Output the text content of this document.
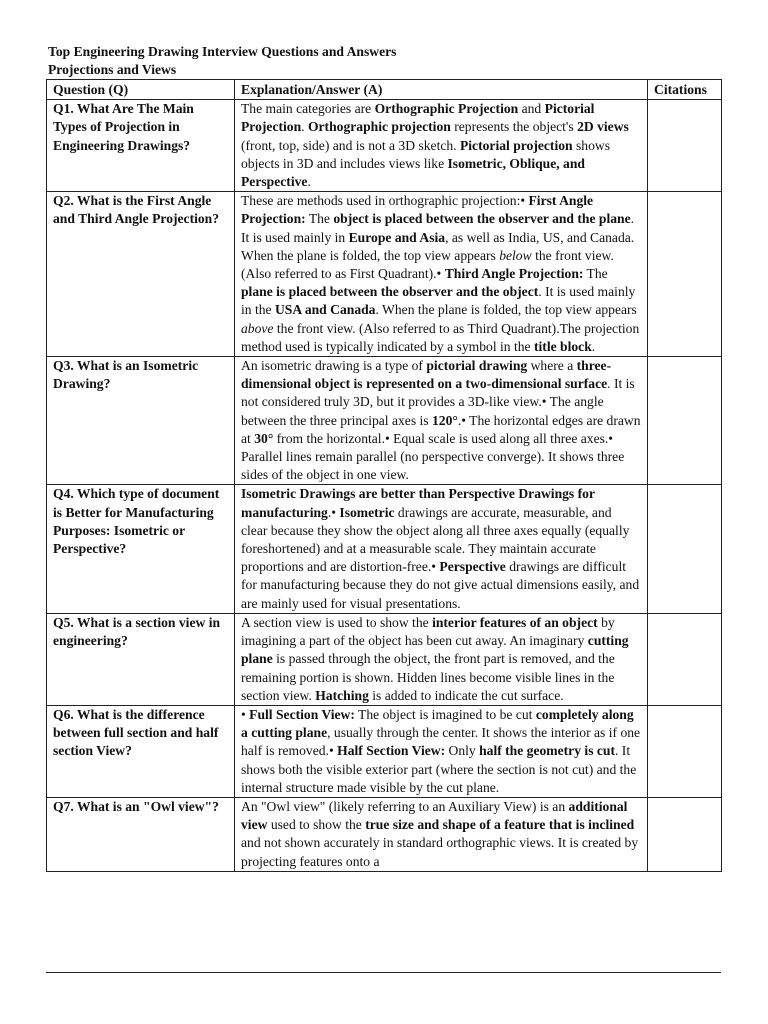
Top Engineering Drawing Interview Questions and Answers
Projections and Views
Question (Q)	Explanation/Answer (A)	Citations
Q1. What Are The Main Types of Projection in Engineering Drawings?	The main categories are Orthographic Projection and Pictorial Projection. Orthographic projection represents the object's 2D views (front, top, side) and is not a 3D sketch. Pictorial projection shows objects in 3D and includes views like Isometric, Oblique, and Perspective.	
Q2. What is the First Angle and Third Angle Projection?	These are methods used in orthographic projection:• First Angle Projection: The object is placed between the observer and the plane. It is used mainly in Europe and Asia, as well as India, US, and Canada. When the plane is folded, the top view appears below the front view. (Also referred to as First Quadrant).• Third Angle Projection: The plane is placed between the observer and the object. It is used mainly in the USA and Canada. When the plane is folded, the top view appears above the front view. (Also referred to as Third Quadrant).The projection method used is typically indicated by a symbol in the title block.	
Q3. What is an Isometric Drawing?	An isometric drawing is a type of pictorial drawing where a three-dimensional object is represented on a two-dimensional surface. It is not considered truly 3D, but it provides a 3D-like view.• The angle between the three principal axes is 120°.• The horizontal edges are drawn at 30° from the horizontal.• Equal scale is used along all three axes.• Parallel lines remain parallel (no perspective converge). It shows three sides of the object in one view.	
Q4. Which type of document is Better for Manufacturing Purposes: Isometric or Perspective?	Isometric Drawings are better than Perspective Drawings for manufacturing.• Isometric drawings are accurate, measurable, and clear because they show the object along all three axes equally (equally foreshortened) and at a measurable scale. They maintain accurate proportions and are distortion-free.• Perspective drawings are difficult for manufacturing because they do not give actual dimensions easily, and are mainly used for visual presentations.	
Q5. What is a section view in engineering?	A section view is used to show the interior features of an object by imagining a part of the object has been cut away. An imaginary cutting plane is passed through the object, the front part is removed, and the remaining portion is shown. Hidden lines become visible lines in the section view. Hatching is added to indicate the cut surface.	
Q6. What is the difference between full section and half section View?	• Full Section View: The object is imagined to be cut completely along a cutting plane, usually through the center. It shows the interior as if one half is removed.• Half Section View: Only half the geometry is cut. It shows both the visible exterior part (where the section is not cut) and the internal structure made visible by the cut plane.	
Q7. What is an "Owl view"?	An "Owl view" (likely referring to an Auxiliary View) is an additional view used to show the true size and shape of a feature that is inclined and not shown accurately in standard orthographic views. It is created by projecting features onto a	
